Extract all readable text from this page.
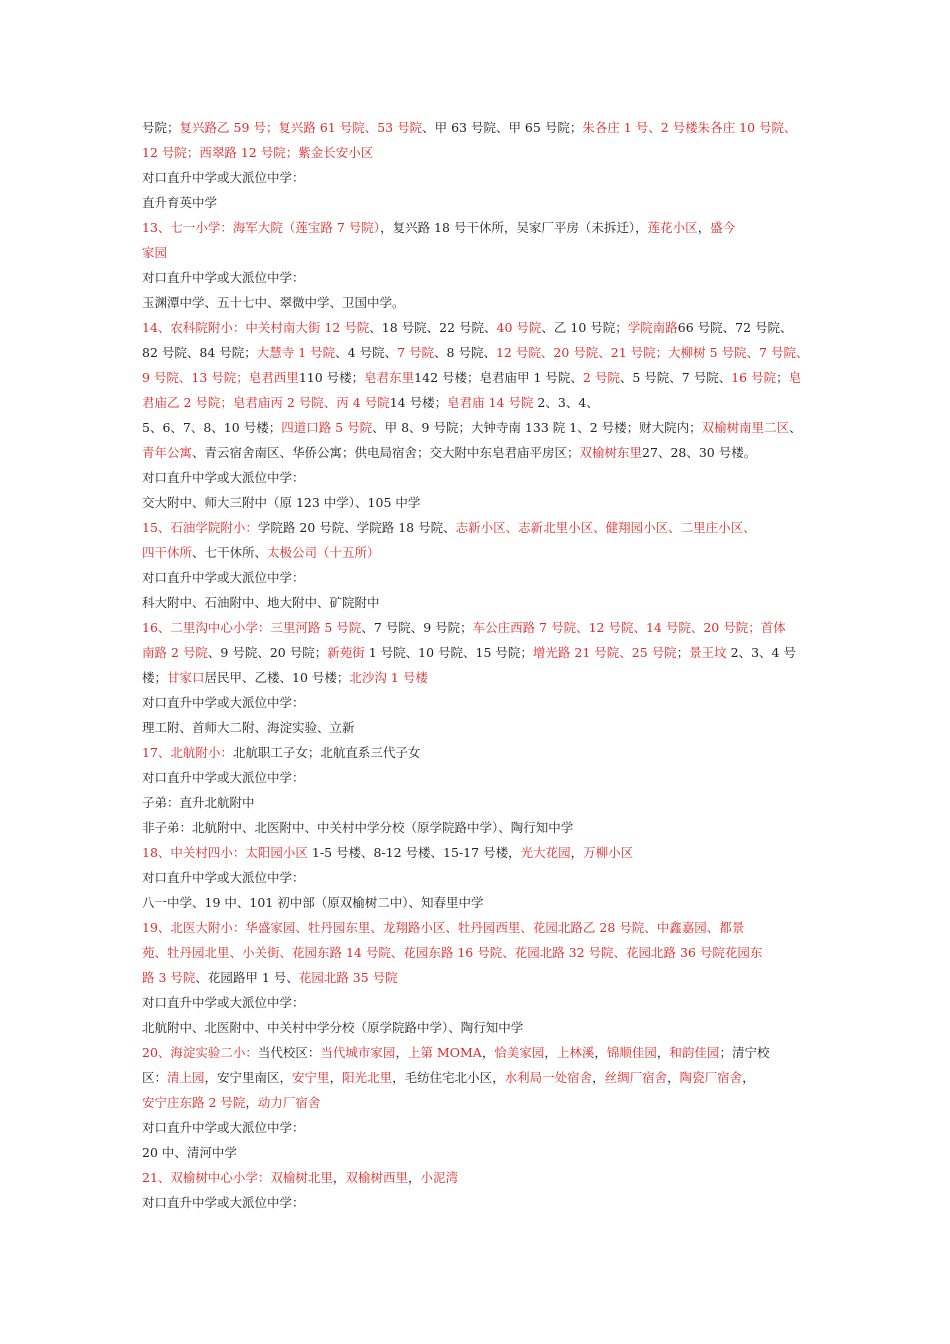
号院；复兴路乙 59 号；复兴路 61 号院、53 号院、甲 63 号院、甲 65 号院；朱各庄 1 号、2 号楼朱各庄 10 号院、
12 号院；西翠路 12 号院；紫金长安小区
对口直升中学或大派位中学：
直升育英中学
13、七一小学：海军大院（莲宝路 7 号院），复兴路 18 号干休所，吴家厂平房（未拆迁），莲花小区，盛今
家园
对口直升中学或大派位中学：
玉渊潭中学、五十七中、翠微中学、卫国中学。
14、农科院附小：中关村南大街 12 号院、18 号院、22 号院、40 号院、乙 10 号院；学院南路66 号院、72 号院、
82 号院、84 号院；大慧寺 1 号院、4 号院、7 号院、8 号院、12 号院、20 号院、21 号院；大柳树 5 号院、7 号院、
9 号院、13 号院；皂君西里110 号楼；皂君东里142 号楼；皂君庙甲 1 号院、2 号院、5 号院、7 号院、16 号院；皂
君庙乙 2 号院；皂君庙丙 2 号院、丙 4 号院14 号楼；皂君庙 14 号院 2、3、4、
5、6、7、8、10 号楼；四道口路 5 号院、甲 8、9 号院；大钟寺南 133 院 1、2 号楼；财大院内；双榆树南里二区、
青年公寓、青云宿舍南区、华侨公寓；供电局宿舍；交大附中东皂君庙平房区；双榆树东里27、28、30 号楼。
对口直升中学或大派位中学：
交大附中、师大三附中（原 123 中学）、105 中学
15、石油学院附小：学院路 20 号院、学院路 18 号院、志新小区、志新北里小区、健翔园小区、二里庄小区、
四干休所、七干休所、太极公司（十五所）
对口直升中学或大派位中学：
科大附中、石油附中、地大附中、矿院附中
16、二里沟中心小学：三里河路 5 号院、7 号院、9 号院；车公庄西路 7 号院、12 号院、14 号院、20 号院；首体
南路 2 号院、9 号院、20 号院；新苑街 1 号院、10 号院、15 号院；增光路 21 号院、25 号院；景王坟 2、3、4 号
楼；甘家口居民甲、乙楼、10 号楼；北沙沟 1 号楼
对口直升中学或大派位中学：
理工附、首师大二附、海淀实验、立新
17、北航附小：北航职工子女；北航直系三代子女
对口直升中学或大派位中学：
子弟：直升北航附中
非子弟：北航附中、北医附中、中关村中学分校（原学院路中学）、陶行知中学
18、中关村四小：太阳园小区 1-5 号楼、8-12 号楼、15-17 号楼，光大花园，万柳小区
对口直升中学或大派位中学：
八一中学、19 中、101 初中部（原双榆树二中）、知春里中学
19、北医大附小：华盛家园、牡丹园东里、龙翔路小区、牡丹园西里、花园北路乙 28 号院、中鑫嘉园、都景
苑、牡丹园北里、小关街、花园东路 14 号院、花园东路 16 号院、花园北路 32 号院、花园北路 36 号院花园东
路 3 号院、花园路甲 1 号、花园北路 35 号院
对口直升中学或大派位中学：
北航附中、北医附中、中关村中学分校（原学院路中学）、陶行知中学
20、海淀实验二小：当代校区：当代城市家园，上第 MOMA，恰美家园，上林溪，锦顺佳园，和韵佳园；清宁校
区：清上园，安宁里南区，安宁里，阳光北里，毛纺住宅北小区，水利局一处宿舍，丝绸厂宿舍，陶瓷厂宿舍，
安宁庄东路 2 号院，动力厂宿舍
对口直升中学或大派位中学：
20 中、清河中学
21、双榆树中心小学：双榆树北里，双榆树西里，小泥湾
对口直升中学或大派位中学：
